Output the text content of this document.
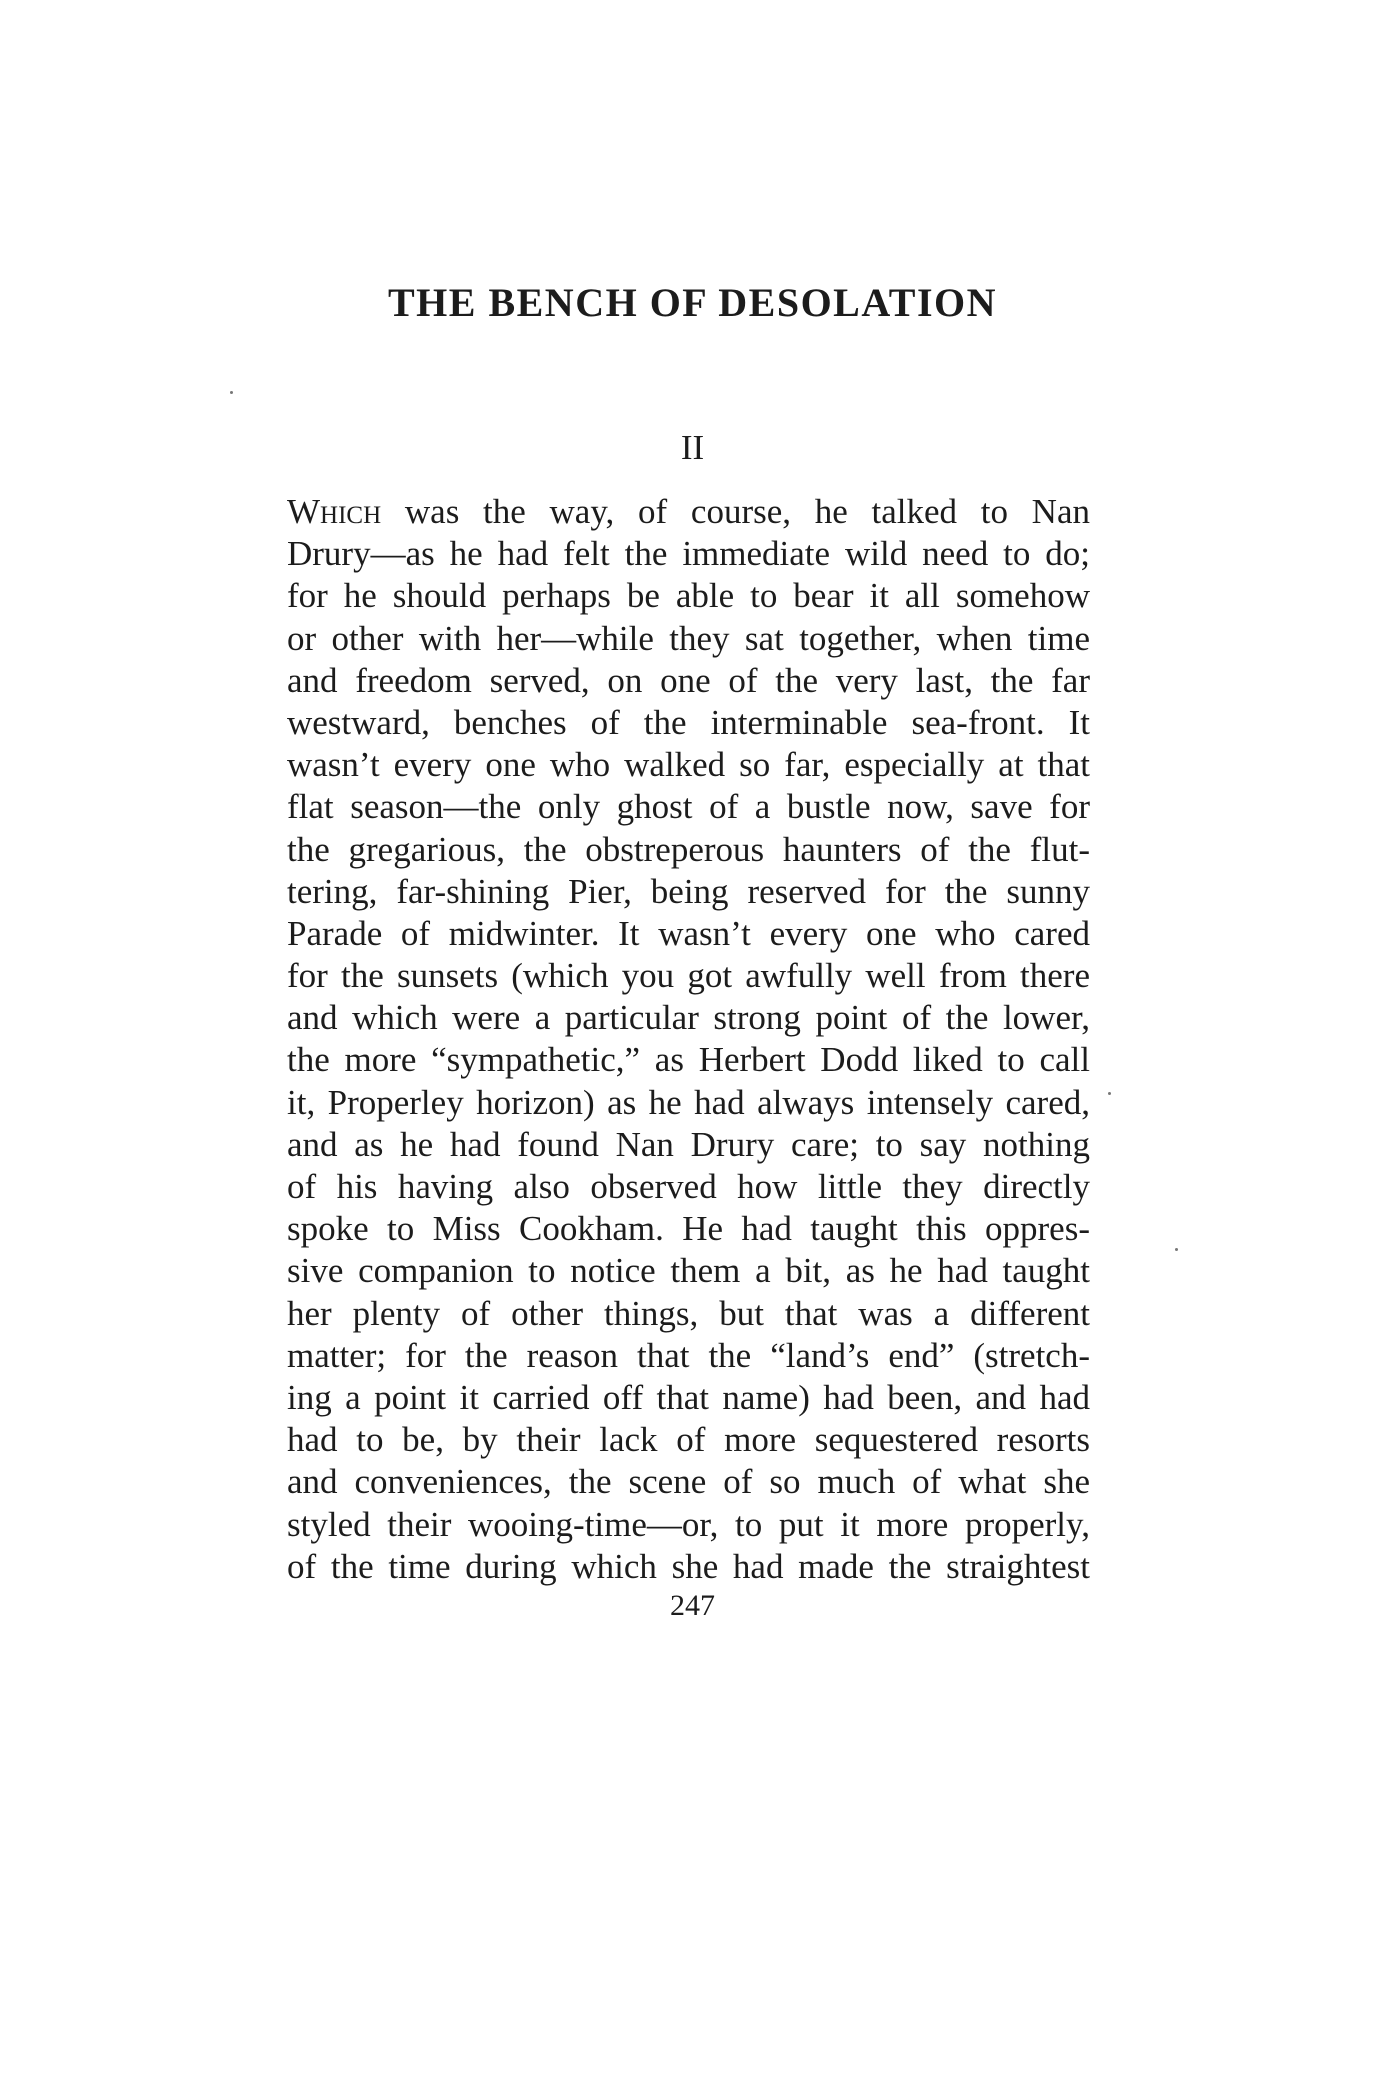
THE BENCH OF DESOLATION
II
Which was the way, of course, he talked to Nan
Drury—as he had felt the immediate wild need to do;
for he should perhaps be able to bear it all somehow
or other with her—while they sat together, when time
and freedom served, on one of the very last, the far
westward, benches of the interminable sea-front. It
wasn’t every one who walked so far, especially at that
flat season—the only ghost of a bustle now, save for
the gregarious, the obstreperous haunters of the flut-
tering, far-shining Pier, being reserved for the sunny
Parade of midwinter. It wasn’t every one who cared
for the sunsets (which you got awfully well from there
and which were a particular strong point of the lower,
the more “sympathetic,” as Herbert Dodd liked to call
it, Properley horizon) as he had always intensely cared,
and as he had found Nan Drury care; to say nothing
of his having also observed how little they directly
spoke to Miss Cookham. He had taught this oppres-
sive companion to notice them a bit, as he had taught
her plenty of other things, but that was a different
matter; for the reason that the “land’s end” (stretch-
ing a point it carried off that name) had been, and had
had to be, by their lack of more sequestered resorts
and conveniences, the scene of so much of what she
styled their wooing-time—or, to put it more properly,
of the time during which she had made the straightest
247
